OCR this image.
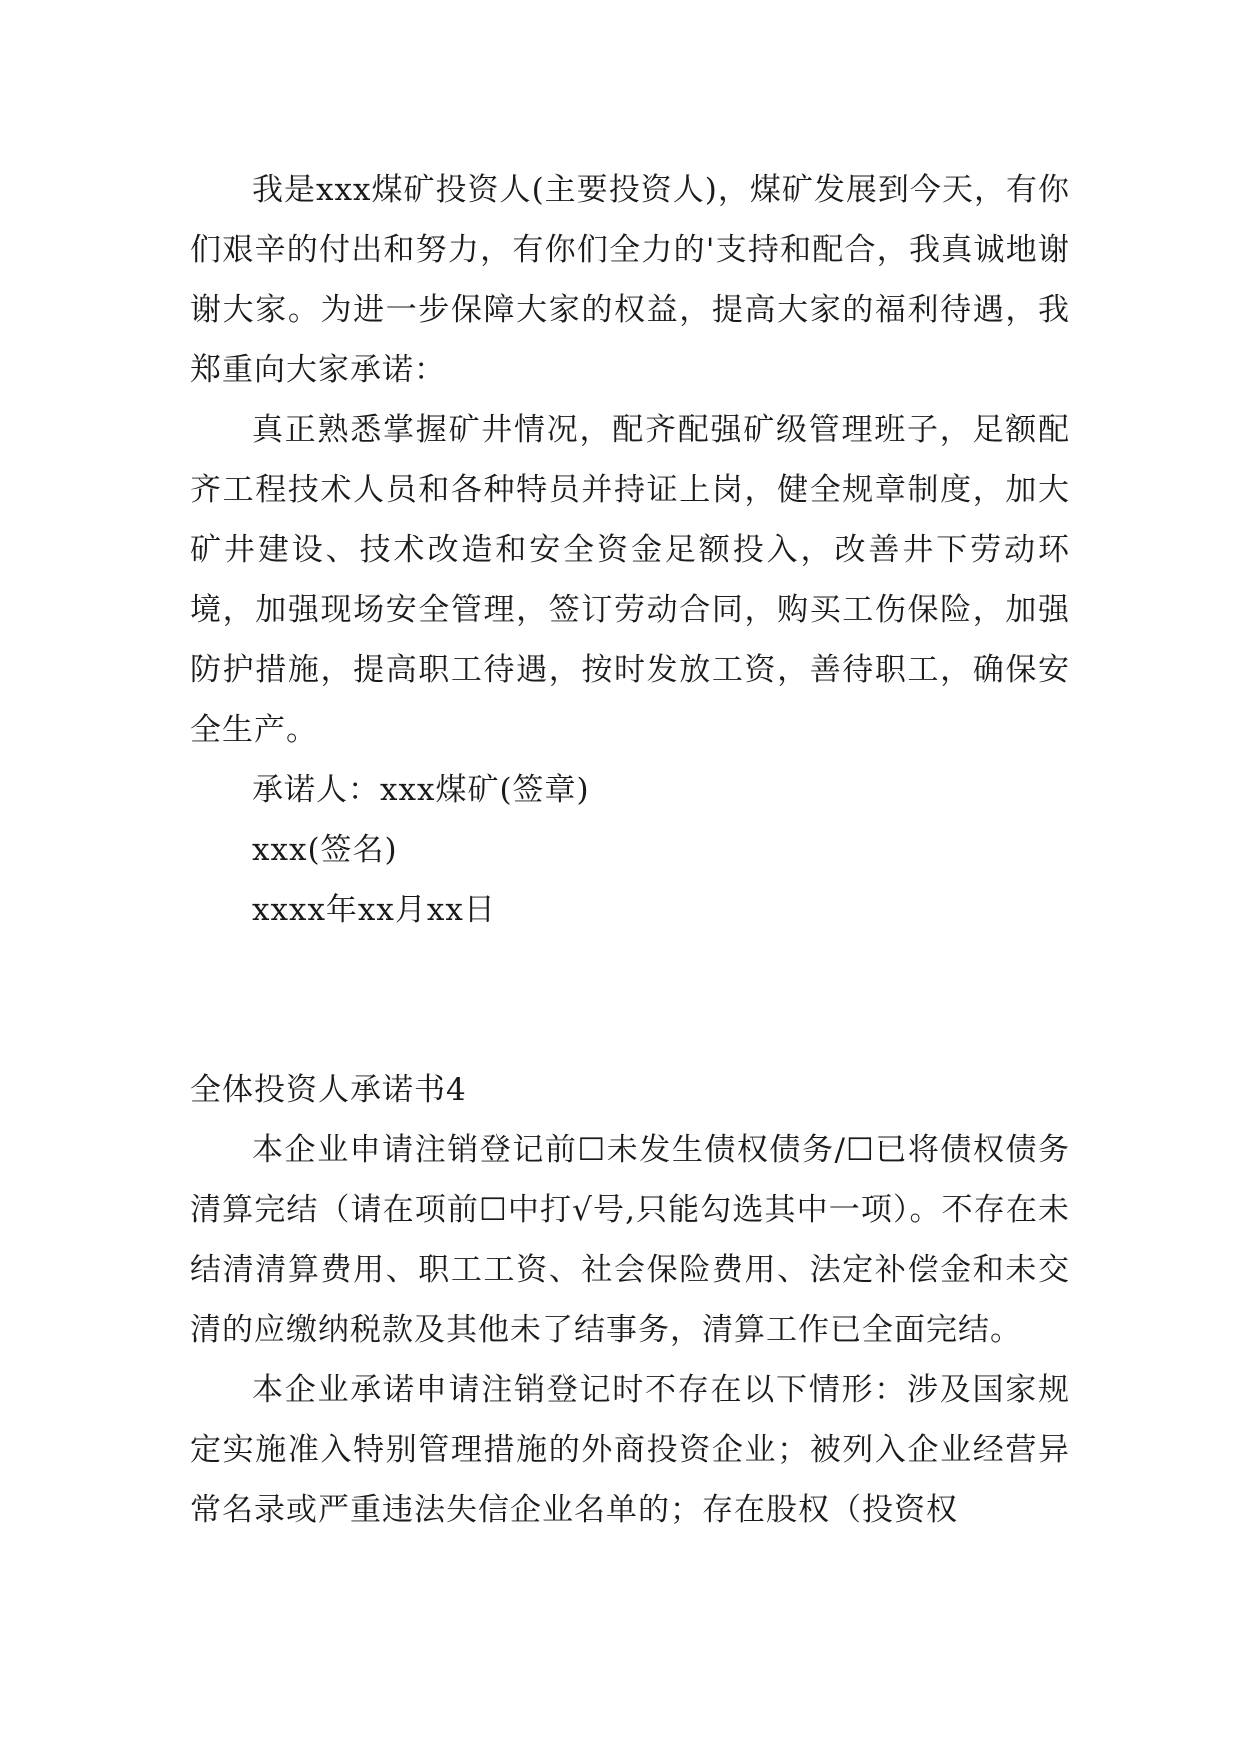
我是xxx煤矿投资人(主要投资人)，煤矿发展到今天，有你们艰辛的付出和努力，有你们全力的'支持和配合，我真诚地谢谢大家。为进一步保障大家的权益，提高大家的福利待遇，我郑重向大家承诺：

真正熟悉掌握矿井情况，配齐配强矿级管理班子，足额配齐工程技术人员和各种特员并持证上岗，健全规章制度，加大矿井建设、技术改造和安全资金足额投入，改善井下劳动环境，加强现场安全管理，签订劳动合同，购买工伤保险，加强防护措施，提高职工待遇，按时发放工资，善待职工，确保安全生产。

承诺人：xxx煤矿(签章)

xxx(签名)

xxxx年xx月xx日

全体投资人承诺书4

本企业申请注销登记前☐未发生债权债务/☐已将债权债务清算完结（请在项前☐中打√号,只能勾选其中一项）。不存在未结清清算费用、职工工资、社会保险费用、法定补偿金和未交清的应缴纳税款及其他未了结事务，清算工作已全面完结。

本企业承诺申请注销登记时不存在以下情形：涉及国家规定实施准入特别管理措施的外商投资企业；被列入企业经营异常名录或严重违法失信企业名单的；存在股权（投资权
